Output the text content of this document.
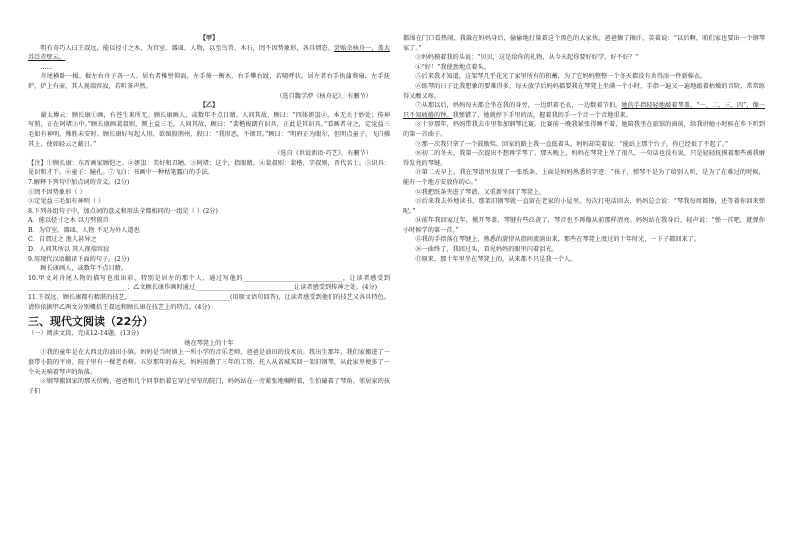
【甲】

明有奇巧人曰王叔远，能以径寸之木，为宫室、器皿、人物，以至鸟兽、木石，罔不因势象形，各具情态。尝贻余核舟一，盖大苏泛赤壁云。

……

舟尾横卧一楫。楫左右舟子各一人。居右者椎髻仰面，左手倚一衡木，右手攀右趾，若啸呼状。居左者右手执蒲葵扇，左手抚炉，炉上有壶，其人视端容寂，若听茶声然。

（选自魏学洢《核舟记》，有删节）

【乙】

谢太傅云：顾长康①画，有苍生来所无。顾长康画人，或数年不点目睛。人问其故，顾曰：“四体妍蚩②，本无关于妙处；传神写照，正在阿堵③中。”顾长康画裴叔则，颊上益三毛。人问其故，顾曰：“裴楷俊朗有识具，正此是其识具。”看画者寻之，定觉益三毛如有神明，殊胜未安时。顾长康好写起人形，欲图殷荆州，殷曰：“我形恶，不烦耳。”顾曰：“明府正为眼尔，但明点童子，飞白拂其上，使如轻云之蔽日。”

（选自《世说新语·巧艺》，有删节）

【注】①顾长康：东晋画家顾恺之。②妍蚩：美好和丑陋。③阿堵：这个，指眼睛。④裴叔则：裴楷，字叔则，晋代名士。⑤识具：见识和才干。⑥童子：瞳孔。⑦飞白：书画中一种枯笔露白的手法。

7.解释下列句中加点词的含义。(2分)

①罔不因势象形（ ）

②定觉益三毛如有神明（ ）

8.下列各组句子中，加点词的意义和用法全都相同的一组是（ ）(2分)

A．能以径寸之木 以刀劈狼首

B．为宫室、器皿、人物 不足为外人道也

C．自谓过之 渔人甚异之

D．人问其所以 其人视端容寂

9.用现代汉语翻译下面的句子。(2分)

顾长康画人，或数年不点目睛。

10.甲文对舟尾人物的描写也很出彩，特别是居左的那个人，通过写他的________________________________，让读者感受到________________________________；乙文顾长康作画时通过________________________________让读者感受到传神之处。(4分)

11.王叔远、顾长康都有精湛的技艺，________________________________(用原文语句回答)，让读者感受到他们的技艺又各具特色。请你依据甲乙两文分别概括王叔远和顾长康在技艺上的特点。(4分)

三、现代文阅读（22分）

（一）阅读文段，完成12-14题。(13分)

她在琴凳上的十年

①我的童年是在大西北的油田小镇。妈妈是当时镇上一所小学的音乐老师，爸爸是油田的技术员。我出生那年，我们家搬进了一套带小院的平房，院子里有一棵老杏树。五岁那年的春天，妈妈用攒了三年的工资，托人从省城买回一架旧钢琴，从此家里便多了一个天天响着琴声的角落。

②钢琴搬回家的那天傍晚，爸爸和几个同事抬着它穿过窄窄的院门，妈妈站在一旁紧张地嘱咐着，生怕磕着了琴角。邻居家的孩子们

都围在门口看热闹，我躲在妈妈身后，偷偷地打量着这个黑色的大家伙。爸爸擦了擦汗，笑着说：“以后啊，咱们家也要出一个钢琴家了。”

③妈妈摸着我的头说：“贝贝，这是给你的礼物，从今天起你要好好学，好不好？”

④“好！”我使劲地点着头。

⑤后来我才知道，这架琴几乎花光了家里所有的积蓄，为了它妈妈整整一个冬天都没有舍得添一件新棉衣。

⑥练琴的日子比我想象的要难得多，每天放学后妈妈都要我在琴凳上坐满一个小时，手指一遍又一遍地敲着枯燥的音阶，常常练得又酸又疼。

⑦从那以后，妈妈每天都会坐在我的身旁，一边织着毛衣，一边数着节拍。她的手指轻轻地敲着琴盖，“一、二、三、四”，像一只不知疲倦的钟。我弹错了，她就停下手里的活，握着我的手一个音一个音地重来。

⑧十岁那年，妈妈带我去市里参加钢琴比赛。比赛前一晚我紧张得睡不着，她陪我坐在旅馆的窗前，给我讲她小时候在乡下听到的第一首曲子。

⑨那一次我只拿了一个鼓励奖。回家的路上我一直低着头，妈妈却笑着说：“能站上那个台子，你已经很了不起了。”

⑩初二的冬天，我第一次提出不想再学琴了。那天晚上，妈妈在琴凳上坐了很久，一句话也没有说，只是轻轻抚摸着那些被我磨得发亮的琴键。

⑪第二天早上，我在琴谱里发现了一张纸条，上面是妈妈熟悉的字迹：“孩子，弹琴不是为了给别人听，是为了在难过的时候，能有一个地方安放你的心。”

⑫我把纸条夹进了琴谱，又重新坐回了琴凳上。

⑬后来我去外地读书，那架旧钢琴就一直留在老家的小屋里。每次打电话回去，妈妈总会说：“琴我每周都擦，还等着你回来弹呢。”

⑭前年我回家过年，掀开琴盖，琴键有些泛黄了，琴音也不再像从前那样清亮。妈妈站在我身后，轻声说：“弹一首吧，就弹你小时候学的第一首。”

⑮我的手指落在琴键上，熟悉的旋律从指间流淌出来，那些在琴凳上度过的十年时光，一下子都回来了。

⑯一曲终了，我回过头，看见妈妈的眼里闪着泪光。

⑰原来，那十年里坐在琴凳上的，从来都不只是我一个人。
